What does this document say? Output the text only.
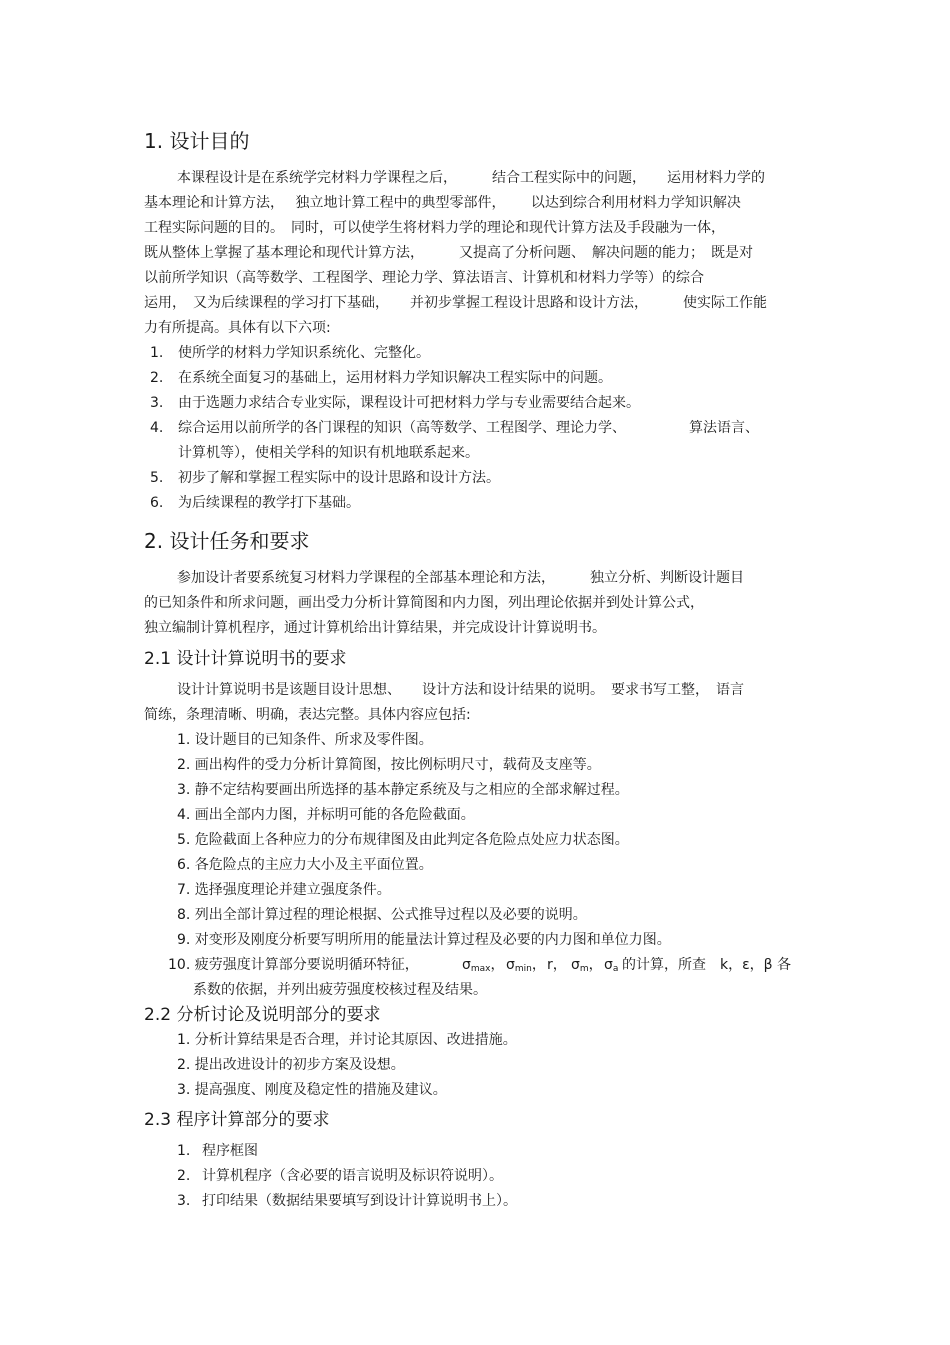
1. 设计目的
本课程设计是在系统学完材料力学课程之后，　　　结合工程实际中的问题，　　运用材料力学的
基本理论和计算方法，　 独立地计算工程中的典型零部件，　　 以达到综合利用材料力学知识解决
工程实际问题的目的。　同时，可以使学生将材料力学的理论和现代计算方法及手段融为一体，
既从整体上掌握了基本理论和现代计算方法，　　　又提高了分析问题、　解决问题的能力；　既是对
以前所学知识（高等数学、工程图学、理论力学、算法语言、计算机和材料力学等）的综合
运用，　又为后续课程的学习打下基础，　　并初步掌握工程设计思路和设计方法，　　　使实际工作能
力有所提高。具体有以下六项:
1. 使所学的材料力学知识系统化、完整化。
2. 在系统全面复习的基础上，运用材料力学知识解决工程实际中的问题。
3. 由于选题力求结合专业实际，课程设计可把材料力学与专业需要结合起来。
4. 综合运用以前所学的各门课程的知识（高等数学、工程图学、理论力学、　　　　　算法语言、
计算机等），使相关学科的知识有机地联系起来。
5. 初步了解和掌握工程实际中的设计思路和设计方法。
6. 为后续课程的教学打下基础。
2. 设计任务和要求
参加设计者要系统复习材料力学课程的全部基本理论和方法，　　　独立分析、判断设计题目
的已知条件和所求问题，画出受力分析计算简图和内力图，列出理论依据并到处计算公式，
独立编制计算机程序，通过计算机给出计算结果，并完成设计计算说明书。
2.1 设计计算说明书的要求
设计计算说明书是该题目设计思想、　　设计方法和设计结果的说明。　要求书写工整，　语言
简练，条理清晰、明确，表达完整。具体内容应包括:
1. 设计题目的已知条件、所求及零件图。
2. 画出构件的受力分析计算简图，按比例标明尺寸，载荷及支座等。
3. 静不定结构要画出所选择的基本静定系统及与之相应的全部求解过程。
4. 画出全部内力图，并标明可能的各危险截面。
5. 危险截面上各种应力的分布规律图及由此判定各危险点处应力状态图。
6. 各危险点的主应力大小及主平面位置。
7. 选择强度理论并建立强度条件。
8. 列出全部计算过程的理论根据、公式推导过程以及必要的说明。
9. 对变形及刚度分析要写明所用的能量法计算过程及必要的内力图和单位力图。
10. 疲劳强度计算部分要说明循环特征，	$\sigma_{max}$， $\sigma_{min}$， r， $\sigma_m$， $\sigma_a$ 的计算，所查　k，ε，β 各
系数的依据，并列出疲劳强度校核过程及结果。
2.2 分析讨论及说明部分的要求
1. 分析计算结果是否合理，并讨论其原因、改进措施。
2. 提出改进设计的初步方案及设想。
3. 提高强度、刚度及稳定性的措施及建议。
2.3 程序计算部分的要求
1. 程序框图
2. 计算机程序（含必要的语言说明及标识符说明）。
3. 打印结果（数据结果要填写到设计计算说明书上）。
